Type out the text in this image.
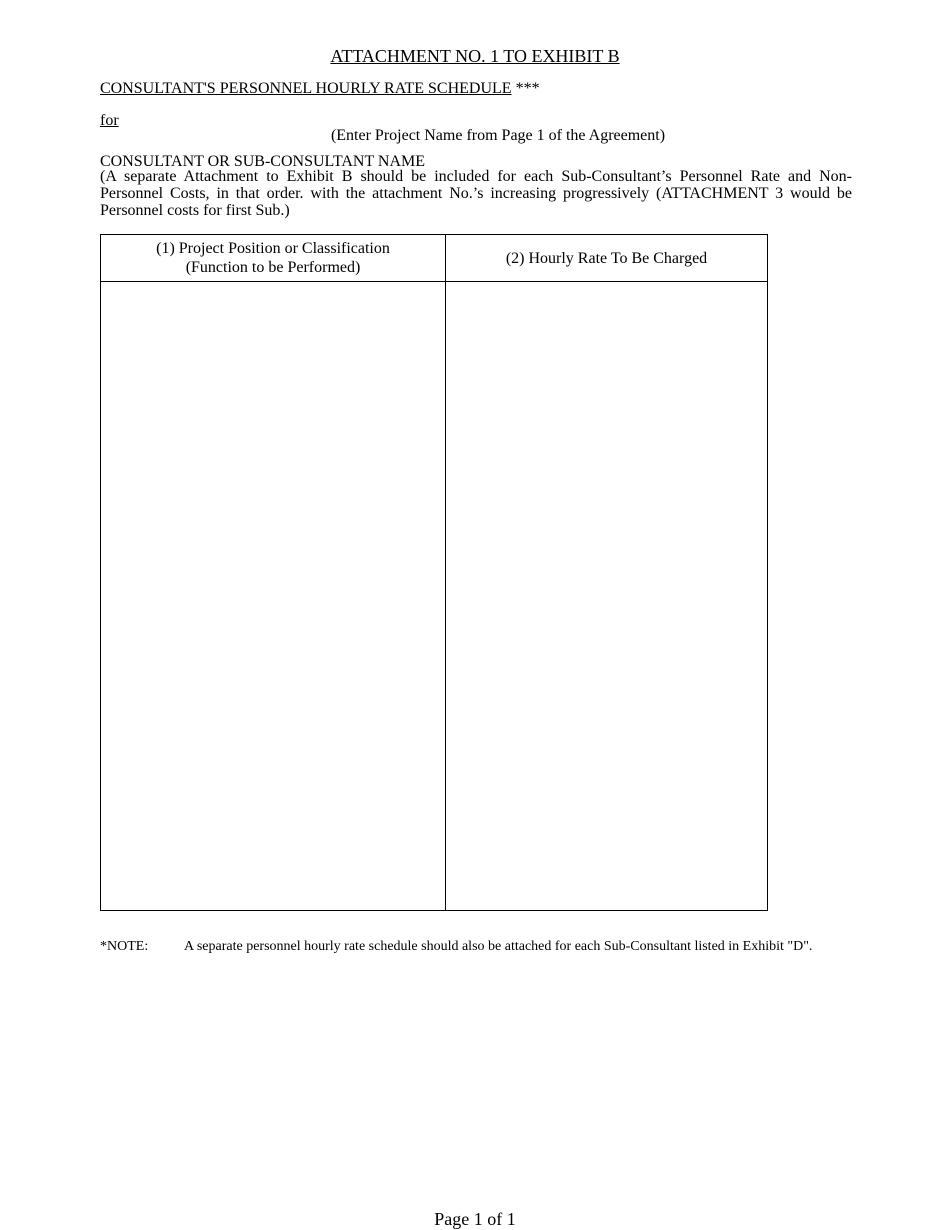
ATTACHMENT NO. 1 TO EXHIBIT B
CONSULTANT'S PERSONNEL HOURLY RATE SCHEDULE ***
for
(Enter Project Name from Page 1 of the Agreement)
CONSULTANT OR SUB-CONSULTANT NAME
(A separate Attachment to Exhibit B should be included for each Sub-Consultant’s Personnel Rate and Non-Personnel Costs, in that order. with the attachment No.’s increasing progressively (ATTACHMENT 3 would be Personnel costs for first Sub.)
(1) Project Position or Classification
(Function to be Performed)	(2) Hourly Rate To Be Charged

*NOTE:	A separate personnel hourly rate schedule should also be attached for each Sub-Consultant listed in Exhibit "D".
Page 1 of 1
